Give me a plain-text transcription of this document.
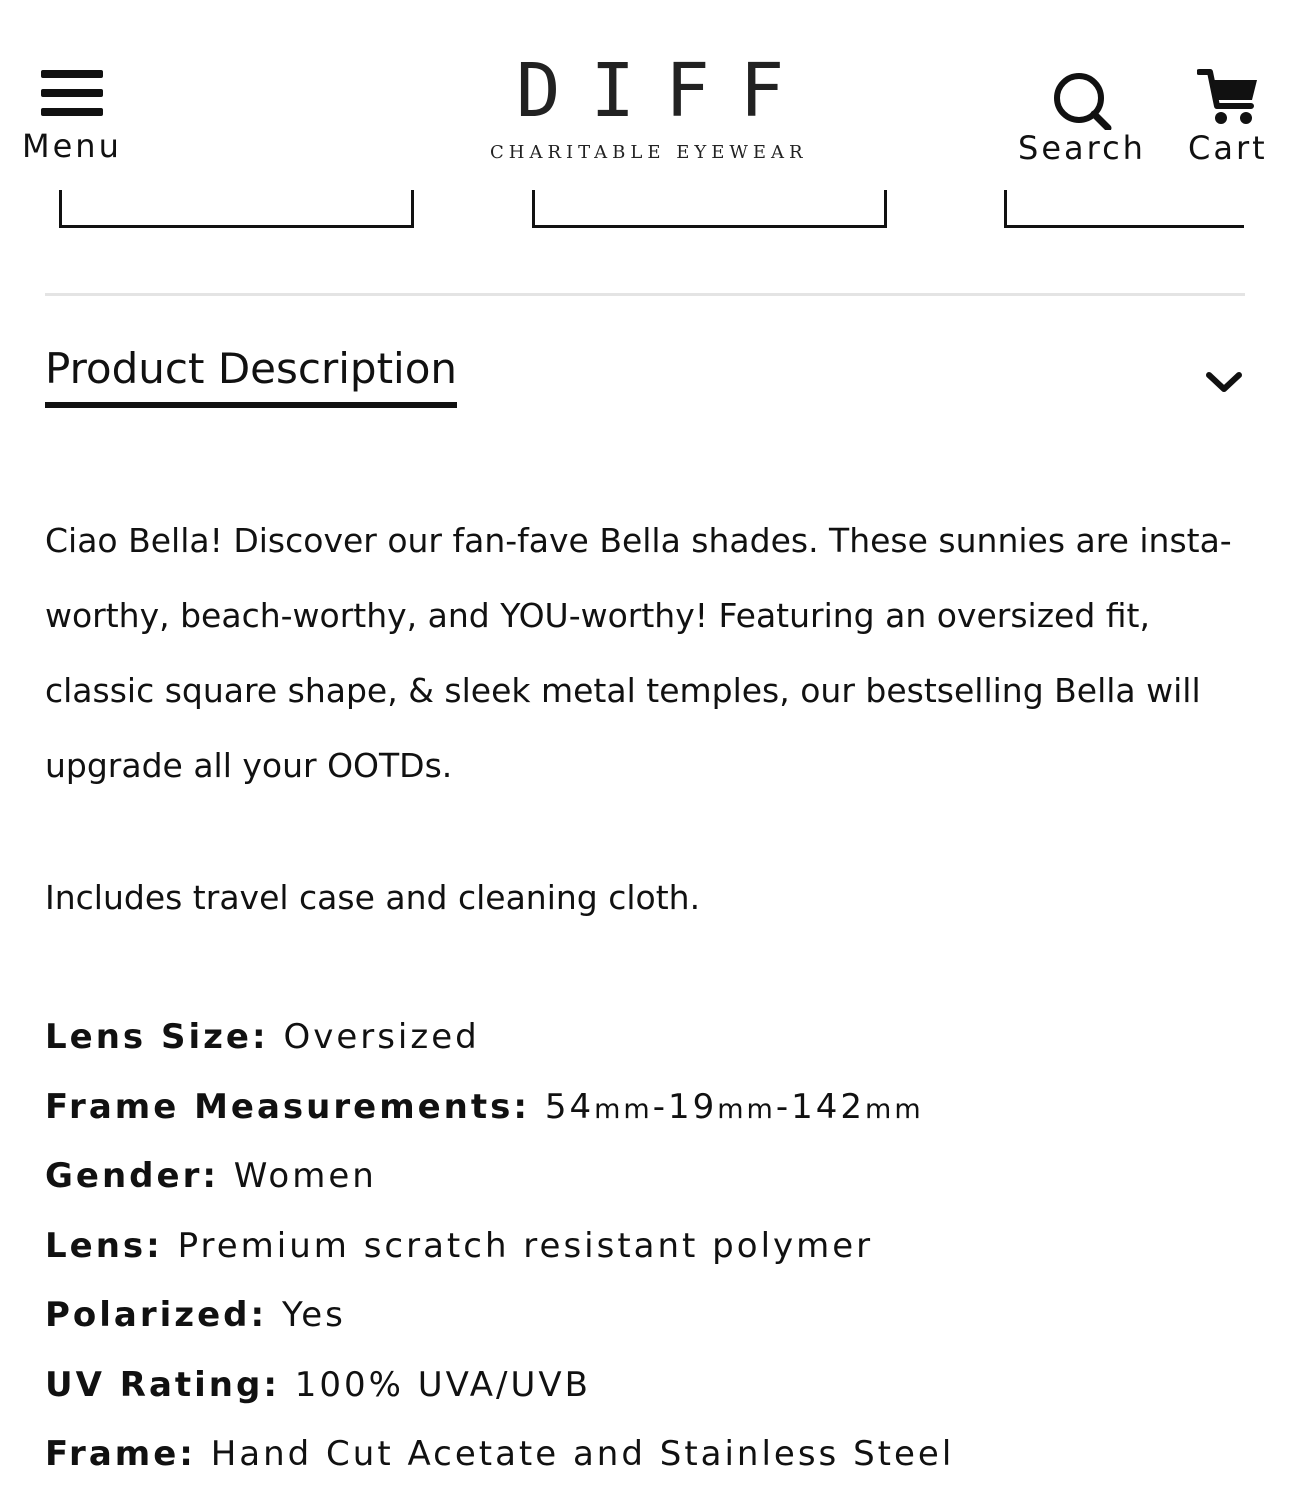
Menu
DIFF
CHARITABLE EYEWEAR	Search Cart
Product Description
Ciao Bella! Discover our fan-fave Bella shades. These sunnies are insta-worthy, beach-worthy, and YOU-worthy! Featuring an oversized fit, classic square shape, & sleek metal temples, our bestselling Bella will upgrade all your OOTDs.
Includes travel case and cleaning cloth.
Lens Size: Oversized
Frame Measurements: 54mm-19mm-142mm
Gender: Women
Lens: Premium scratch resistant polymer
Polarized: Yes
UV Rating: 100% UVA/UVB
Frame: Hand Cut Acetate and Stainless Steel
